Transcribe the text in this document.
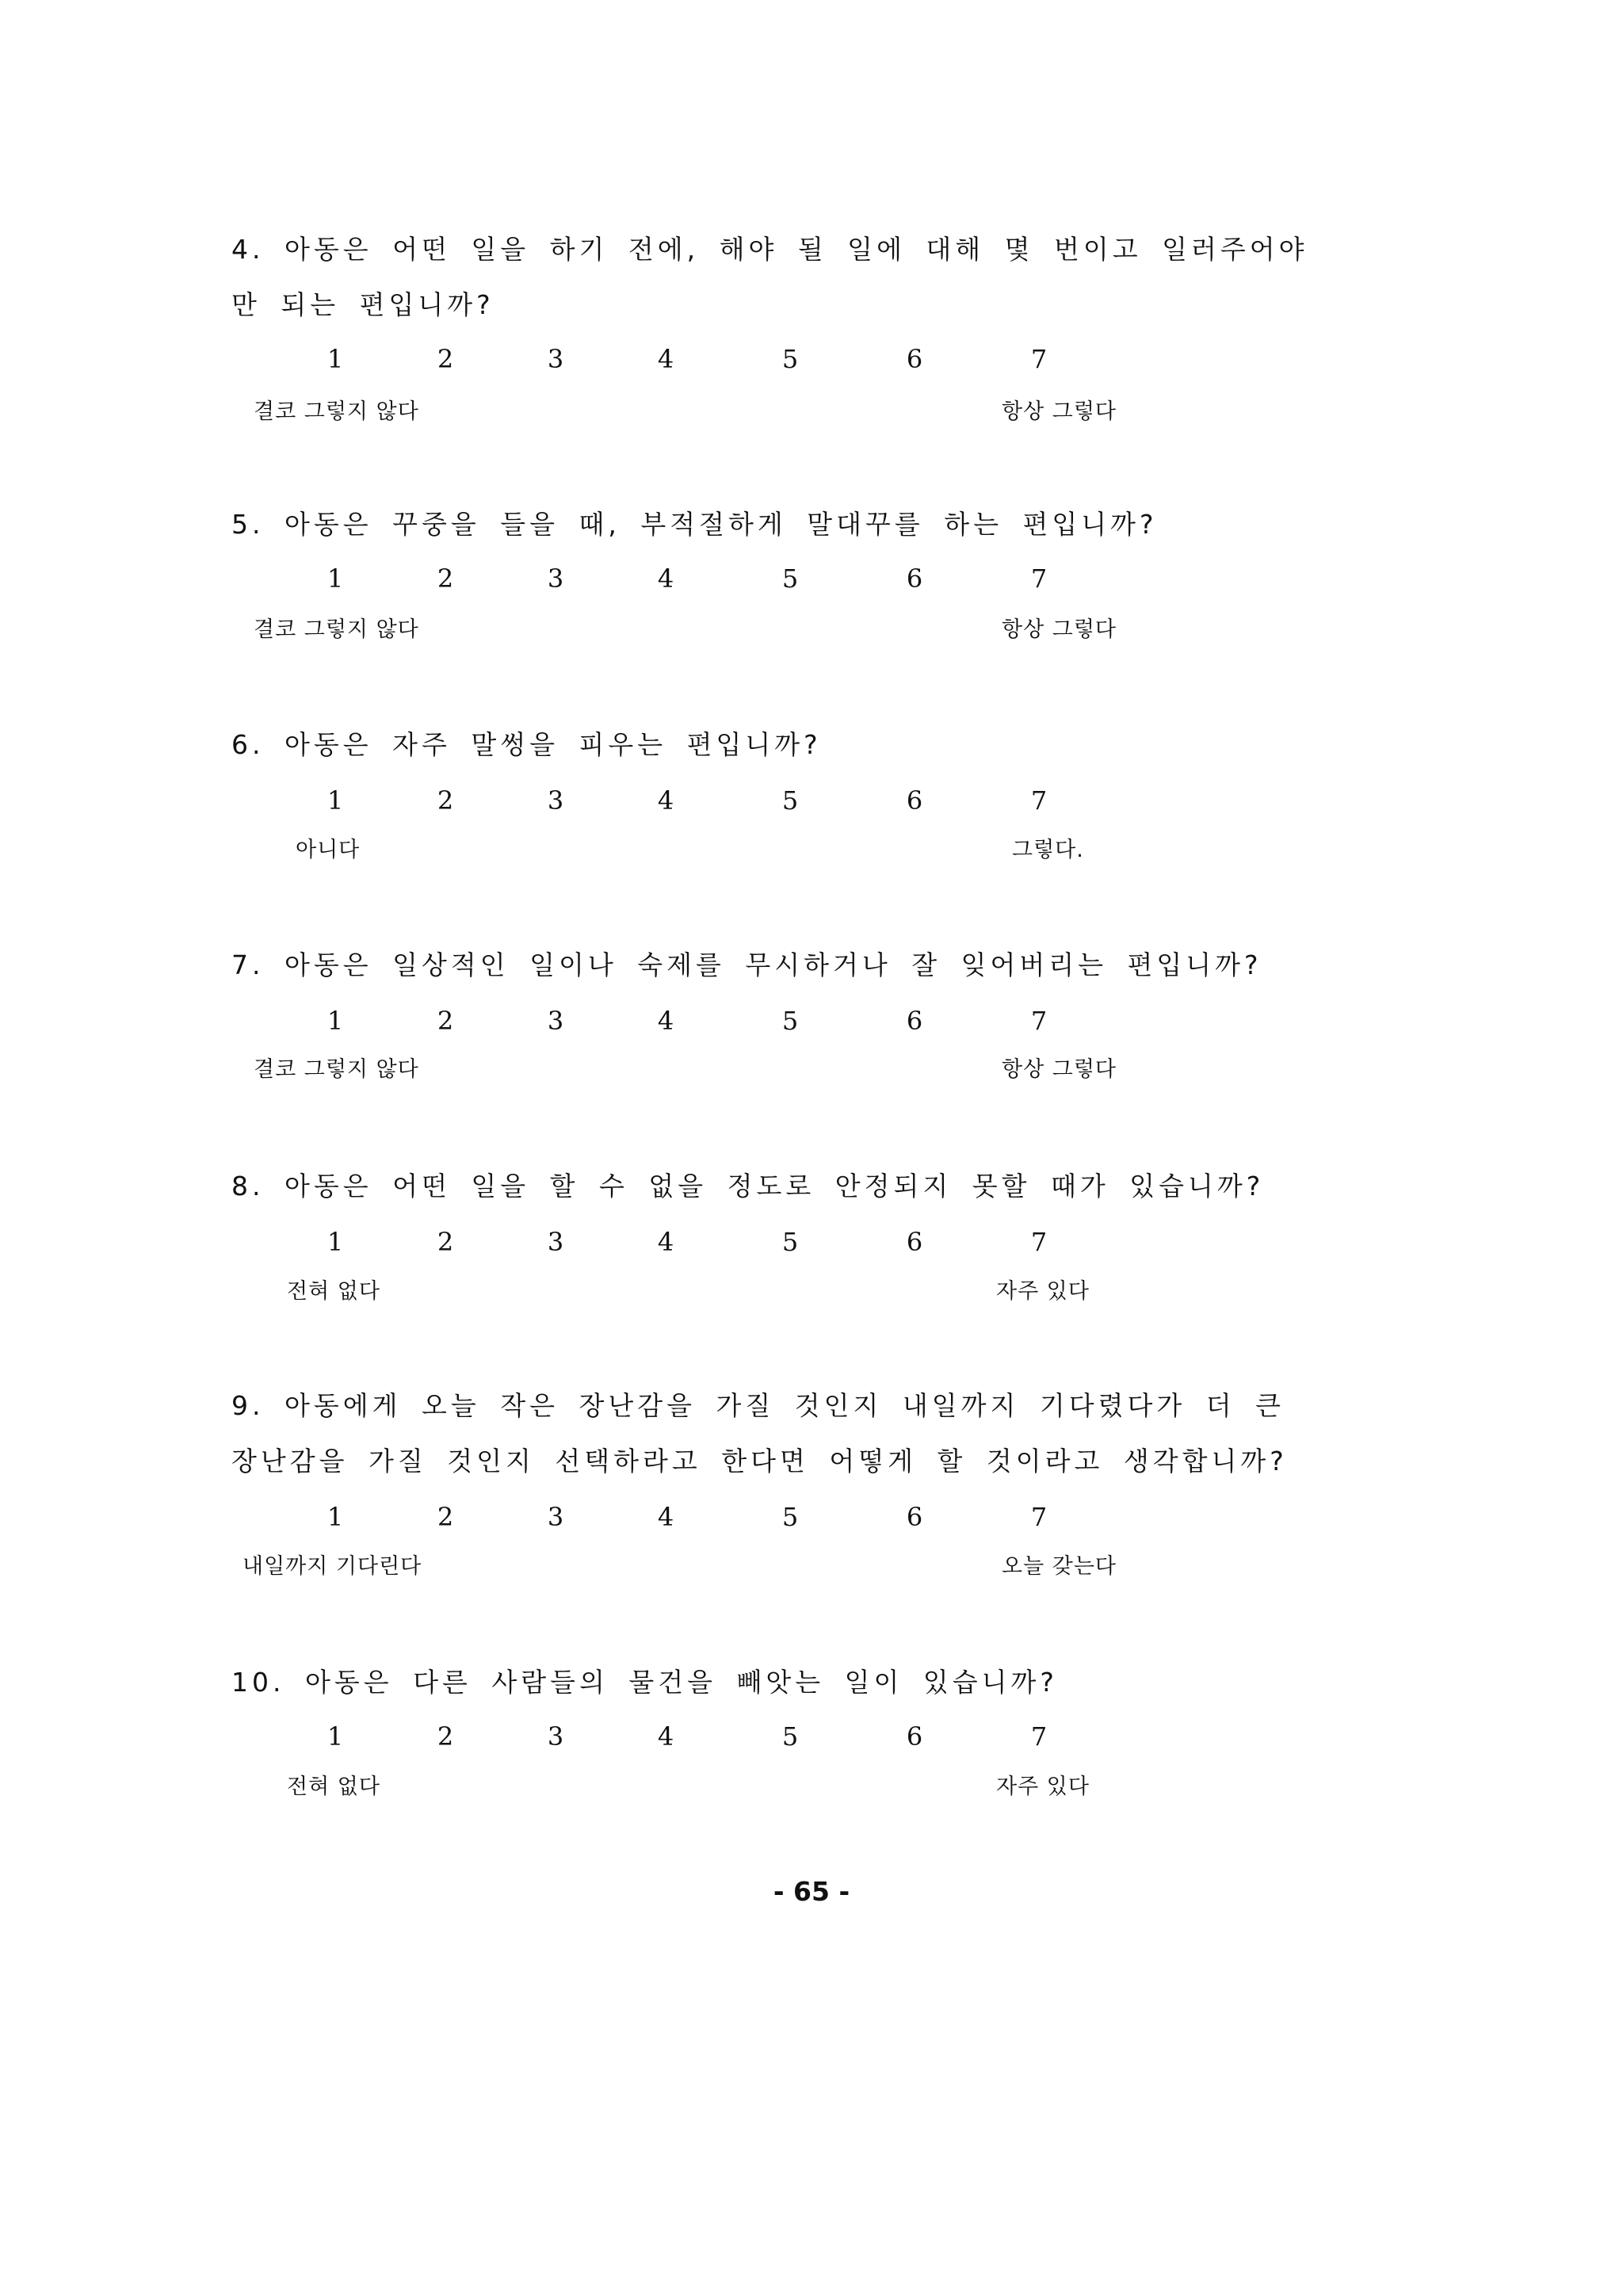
4. 아동은 어떤 일을 하기 전에, 해야 될 일에 대해 몇 번이고 일러주어야만 되는 편입니까?
1	2	3	4	5	6	7
결코 그렇지 않다	항상 그렇다
5. 아동은 꾸중을 들을 때, 부적절하게 말대꾸를 하는 편입니까?
1	2	3	4	5	6	7
결코 그렇지 않다	항상 그렇다
6. 아동은 자주 말썽을 피우는 편입니까?
1	2	3	4	5	6	7
아니다	그렇다.
7. 아동은 일상적인 일이나 숙제를 무시하거나 잘 잊어버리는 편입니까?
1	2	3	4	5	6	7
결코 그렇지 않다	항상 그렇다
8. 아동은 어떤 일을 할 수 없을 정도로 안정되지 못할 때가 있습니까?
1	2	3	4	5	6	7
전혀 없다	자주 있다
9. 아동에게 오늘 작은 장난감을 가질 것인지 내일까지 기다렸다가 더 큰 장난감을 가질 것인지 선택하라고 한다면 어떻게 할 것이라고 생각합니까?
1	2	3	4	5	6	7
내일까지 기다린다	오늘 갖는다
10. 아동은 다른 사람들의 물건을 빼앗는 일이 있습니까?
1	2	3	4	5	6	7
전혀 없다	자주 있다
- 65 -
